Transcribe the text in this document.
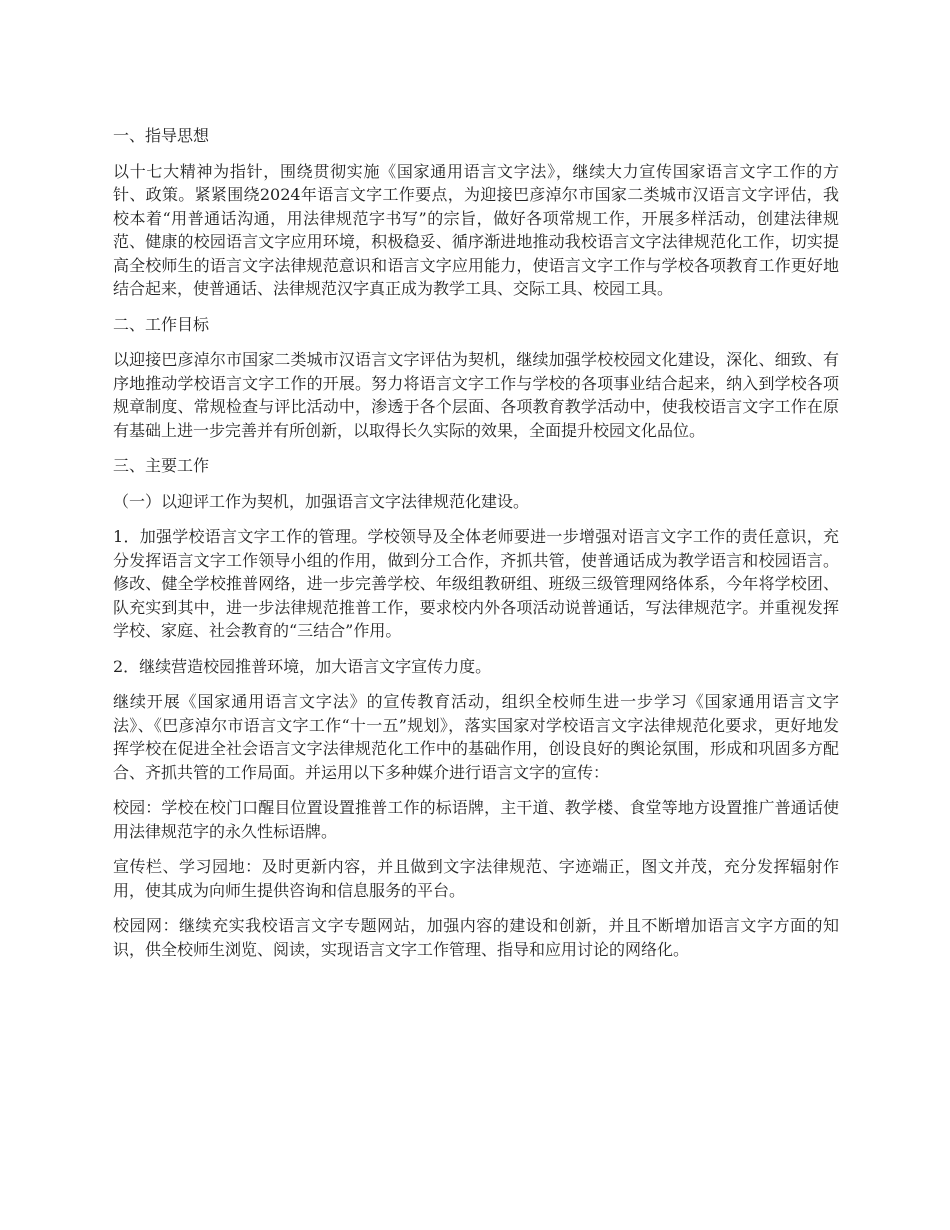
一、指导思想

以十七大精神为指针，围绕贯彻实施《国家通用语言文字法》，继续大力宣传国家语言文字工作的方针、政策。紧紧围绕2024年语言文字工作要点，为迎接巴彦淖尔市国家二类城市汉语言文字评估，我校本着“用普通话沟通，用法律规范字书写”的宗旨，做好各项常规工作，开展多样活动，创建法律规范、健康的校园语言文字应用环境，积极稳妥、循序渐进地推动我校语言文字法律规范化工作，切实提高全校师生的语言文字法律规范意识和语言文字应用能力，使语言文字工作与学校各项教育工作更好地结合起来，使普通话、法律规范汉字真正成为教学工具、交际工具、校园工具。

二、工作目标

以迎接巴彦淖尔市国家二类城市汉语言文字评估为契机，继续加强学校校园文化建设，深化、细致、有序地推动学校语言文字工作的开展。努力将语言文字工作与学校的各项事业结合起来，纳入到学校各项规章制度、常规检查与评比活动中，渗透于各个层面、各项教育教学活动中，使我校语言文字工作在原有基础上进一步完善并有所创新，以取得长久实际的效果，全面提升校园文化品位。

三、主要工作

（一）以迎评工作为契机，加强语言文字法律规范化建设。

1．加强学校语言文字工作的管理。学校领导及全体老师要进一步增强对语言文字工作的责任意识，充分发挥语言文字工作领导小组的作用，做到分工合作，齐抓共管，使普通话成为教学语言和校园语言。修改、健全学校推普网络，进一步完善学校、年级组教研组、班级三级管理网络体系，今年将学校团、队充实到其中，进一步法律规范推普工作，要求校内外各项活动说普通话，写法律规范字。并重视发挥学校、家庭、社会教育的“三结合”作用。

2．继续营造校园推普环境，加大语言文字宣传力度。

继续开展《国家通用语言文字法》的宣传教育活动，组织全校师生进一步学习《国家通用语言文字法》、《巴彦淖尔市语言文字工作“十一五”规划》，落实国家对学校语言文字法律规范化要求，更好地发挥学校在促进全社会语言文字法律规范化工作中的基础作用，创设良好的舆论氛围，形成和巩固多方配合、齐抓共管的工作局面。并运用以下多种媒介进行语言文字的宣传：

校园：学校在校门口醒目位置设置推普工作的标语牌，主干道、教学楼、食堂等地方设置推广普通话使用法律规范字的永久性标语牌。

宣传栏、学习园地：及时更新内容，并且做到文字法律规范、字迹端正，图文并茂，充分发挥辐射作用，使其成为向师生提供咨询和信息服务的平台。

校园网：继续充实我校语言文字专题网站，加强内容的建设和创新，并且不断增加语言文字方面的知识，供全校师生浏览、阅读，实现语言文字工作管理、指导和应用讨论的网络化。
